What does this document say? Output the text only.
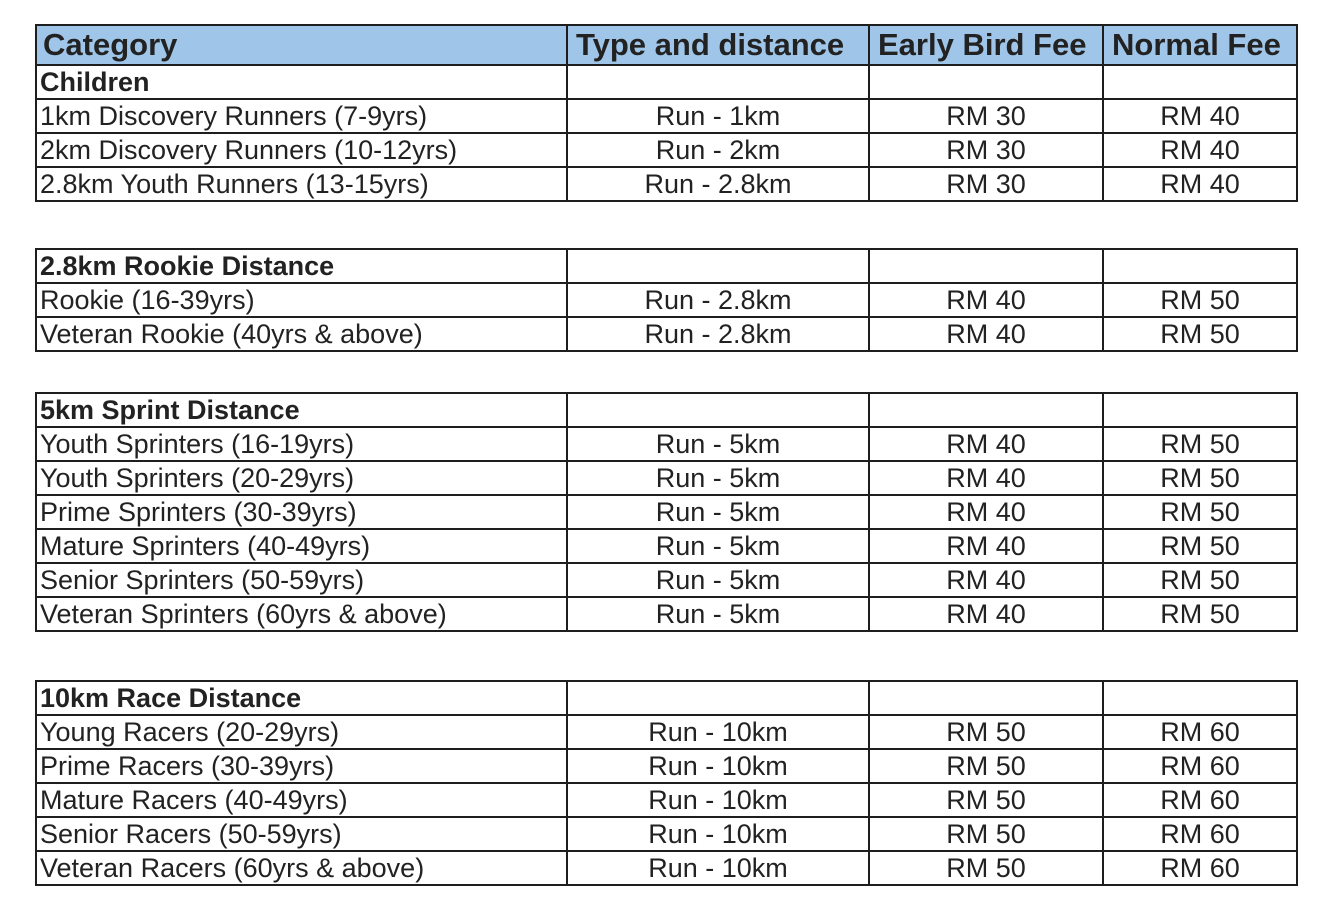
Category	Type and distance	Early Bird Fee	Normal Fee
Children			
1km Discovery Runners (7-9yrs)	Run - 1km	RM 30	RM 40
2km Discovery Runners (10-12yrs)	Run - 2km	RM 30	RM 40
2.8km Youth Runners (13-15yrs)	Run - 2.8km	RM 30	RM 40
2.8km Rookie Distance			
Rookie (16-39yrs)	Run - 2.8km	RM 40	RM 50
Veteran Rookie (40yrs & above)	Run - 2.8km	RM 40	RM 50
5km Sprint Distance			
Youth Sprinters (16-19yrs)	Run - 5km	RM 40	RM 50
Youth Sprinters (20-29yrs)	Run - 5km	RM 40	RM 50
Prime Sprinters (30-39yrs)	Run - 5km	RM 40	RM 50
Mature Sprinters (40-49yrs)	Run - 5km	RM 40	RM 50
Senior Sprinters (50-59yrs)	Run - 5km	RM 40	RM 50
Veteran Sprinters (60yrs & above)	Run - 5km	RM 40	RM 50
10km Race Distance			
Young Racers (20-29yrs)	Run - 10km	RM 50	RM 60
Prime Racers (30-39yrs)	Run - 10km	RM 50	RM 60
Mature Racers (40-49yrs)	Run - 10km	RM 50	RM 60
Senior Racers (50-59yrs)	Run - 10km	RM 50	RM 60
Veteran Racers (60yrs & above)	Run - 10km	RM 50	RM 60
